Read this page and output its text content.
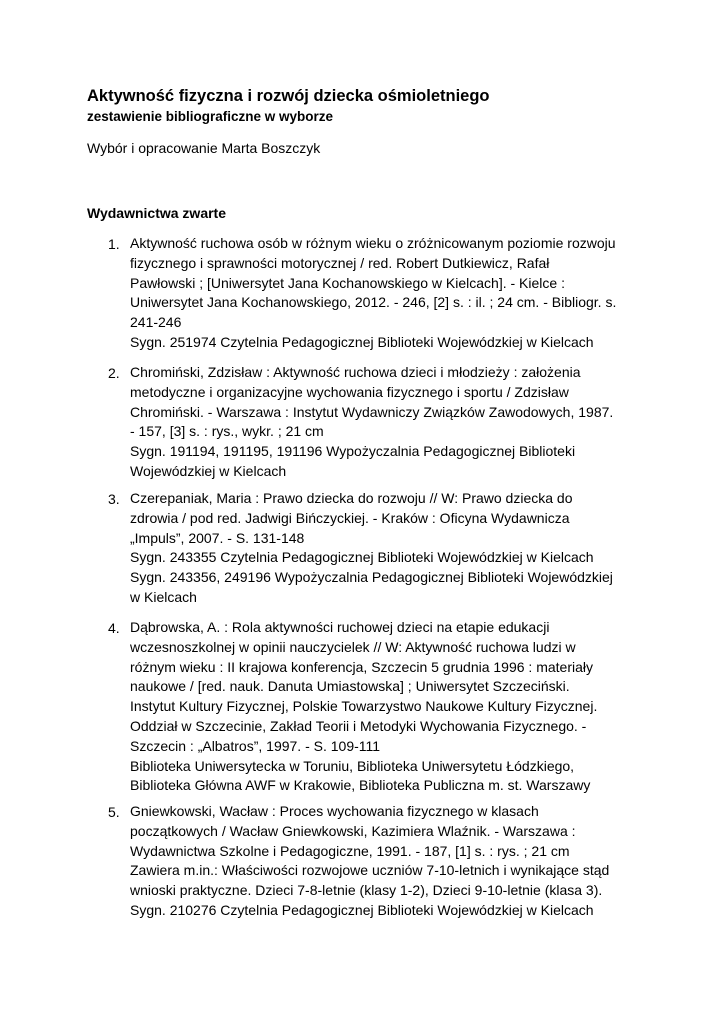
Aktywność fizyczna i rozwój dziecka ośmioletniego
zestawienie bibliograficzne w wyborze
Wybór i opracowanie Marta Boszczyk
Wydawnictwa zwarte
1. Aktywność ruchowa osób w różnym wieku o zróżnicowanym poziomie rozwoju
fizycznego i sprawności motorycznej / red. Robert Dutkiewicz, Rafał
Pawłowski ; [Uniwersytet Jana Kochanowskiego w Kielcach]. - Kielce :
Uniwersytet Jana Kochanowskiego, 2012. - 246, [2] s. : il. ; 24 cm. - Bibliogr. s.
241-246
Sygn. 251974 Czytelnia Pedagogicznej Biblioteki Wojewódzkiej w Kielcach
2. Chromiński, Zdzisław : Aktywność ruchowa dzieci i młodzieży : założenia
metodyczne i organizacyjne wychowania fizycznego i sportu / Zdzisław
Chromiński. - Warszawa : Instytut Wydawniczy Związków Zawodowych, 1987.
- 157, [3] s. : rys., wykr. ; 21 cm
Sygn. 191194, 191195, 191196 Wypożyczalnia Pedagogicznej Biblioteki
Wojewódzkiej w Kielcach
3. Czerepaniak, Maria : Prawo dziecka do rozwoju // W: Prawo dziecka do
zdrowia / pod red. Jadwigi Bińczyckiej. - Kraków : Oficyna Wydawnicza
„Impuls”, 2007. - S. 131-148
Sygn. 243355 Czytelnia Pedagogicznej Biblioteki Wojewódzkiej w Kielcach
Sygn. 243356, 249196 Wypożyczalnia Pedagogicznej Biblioteki Wojewódzkiej
w Kielcach
4. Dąbrowska, A. : Rola aktywności ruchowej dzieci na etapie edukacji
wczesnoszkolnej w opinii nauczycielek // W: Aktywność ruchowa ludzi w
różnym wieku : II krajowa konferencja, Szczecin 5 grudnia 1996 : materiały
naukowe / [red. nauk. Danuta Umiastowska] ; Uniwersytet Szczeciński.
Instytut Kultury Fizycznej, Polskie Towarzystwo Naukowe Kultury Fizycznej.
Oddział w Szczecinie, Zakład Teorii i Metodyki Wychowania Fizycznego. -
Szczecin : „Albatros”, 1997. - S. 109-111
Biblioteka Uniwersytecka w Toruniu, Biblioteka Uniwersytetu Łódzkiego,
Biblioteka Główna AWF w Krakowie, Biblioteka Publiczna m. st. Warszawy
5. Gniewkowski, Wacław : Proces wychowania fizycznego w klasach
początkowych / Wacław Gniewkowski, Kazimiera Wlaźnik. - Warszawa :
Wydawnictwa Szkolne i Pedagogiczne, 1991. - 187, [1] s. : rys. ; 21 cm
Zawiera m.in.: Właściwości rozwojowe uczniów 7-10-letnich i wynikające stąd
wnioski praktyczne. Dzieci 7-8-letnie (klasy 1-2), Dzieci 9-10-letnie (klasa 3).
Sygn. 210276 Czytelnia Pedagogicznej Biblioteki Wojewódzkiej w Kielcach
